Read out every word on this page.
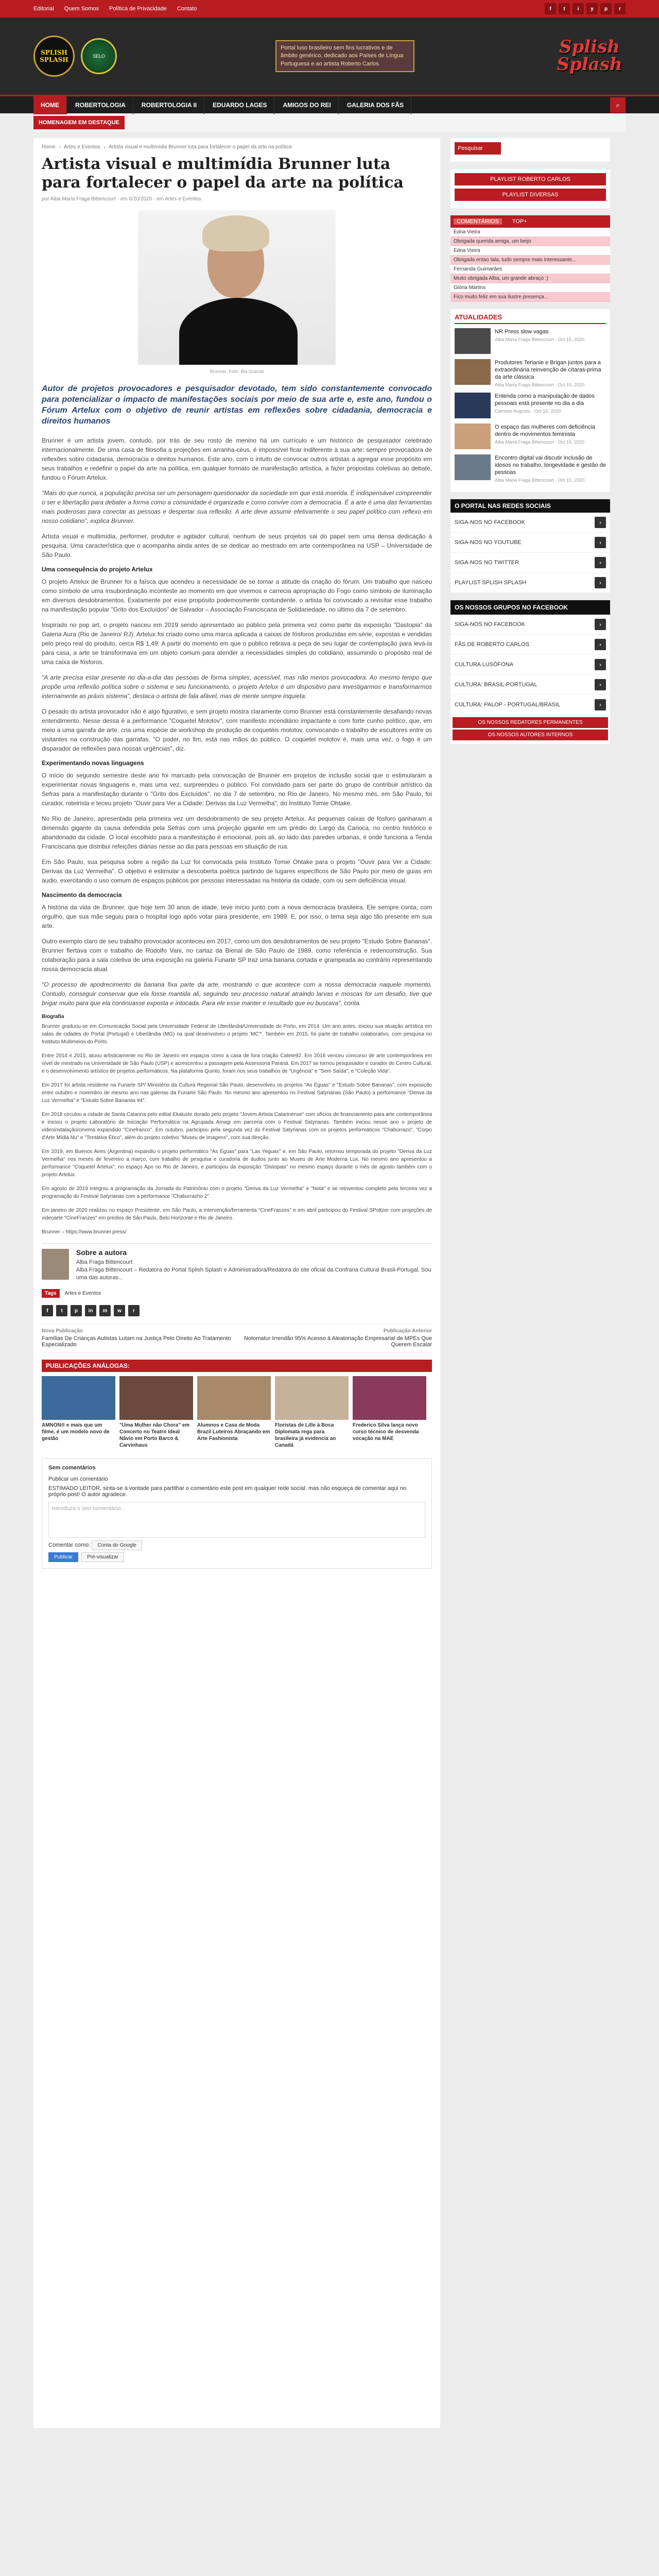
Editorial Quem Somos Política de Privacidade Contato	f	t	i	y	p	r
SPLISH SPLASH	SELO
Portal luso brasileiro sem fins lucrativos e de âmbito genérico, dedicado aos Países de Língua Portuguesa e ao artista Roberto Carlos
Splish
Splash
HOME	ROBERTOLOGIA	ROBERTOLOGIA II	EDUARDO LAGES	AMIGOS DO REI	GALERIA DOS FÃS	⌕
HOMENAGEM EM DESTAQUE
Home › Artes e Eventos › Artista visual e multimídia Brunner luta para fortalecer o papel da arte na política
Artista visual e multimídia Brunner luta para fortalecer o papel da arte na política
por Alba Maria Fraga Bittencourt · em 6/20/2020 · em Artes e Eventos
Brunner. Foto: Bia Gramal
Autor de projetos provocadores e pesquisador devotado, tem sido constantemente convocado para potencializar o impacto de manifestações sociais por meio de sua arte e, este ano, fundou o Fórum Artelux com o objetivo de reunir artistas em reflexões sobre cidadania, democracia e direitos humanos

Brunner é um artista jovem, contudo, por trás de seu rosto de menino há um currículo e um histórico de pesquisador celebrado internacionalmente. De uma casa de filosofia a projeções em arranha-céus, é impossível ficar indiferente à sua arte: sempre provocadora de reflexões sobre cidadania, democracia e direitos humanos. Este ano, com o intuito de convocar outros artistas a agregar esse propósito em seus trabalhos e redefinir o papel da arte na política, em qualquer formato de manifestação artística, a fazer propostas coletivas ao debate, fundou o Fórum Artelux.

"Mais do que nunca, a população precisa ser um personagem questionador da sociedade em que está inserida. É indispensável compreender o ser e libertação para debater a forma como a comunidade é organizada e como convive com a democracia. É a arte é uma das ferramentas mais poderosas para conectar as pessoas e despertar sua reflexão. A arte deve assumir efetivamente o seu papel político com reflexo em nosso cotidiano", explica Brunner.

Artista visual e multimídia, performer, produtor e agitador cultural, nenhum de seus projetos sai do papel sem uma densa dedicação à pesquisa. Uma característica que o acompanha ainda antes de se dedicar ao mestrado em arte contemporânea na USP – Universidade de São Paulo.

Uma consequência do projeto Artelux

O projeto Artelux de Brunner foi a faísca que acendeu a necessidade de se tomar a atitude da criação do fórum. Um trabalho que nasceu como símbolo de uma insubordinação inconteste ao momento em que vivemos e carrecia apropriação do Fogo como símbolo de iluminação em diversos desdobramentos. Exatamente por esse propósito podemosmente contundente, o artista foi convocado a revisitar esse trabalho na manifestação popular "Grito dos Excluídos" de Salvador – Associação Franciscana de Solidariedade, no último dia 7 de setembro.

Inspirado no pop art, o projeto nasceu em 2019 sendo apresentado ao público pela primeira vez como parte da exposição "Dastopia" da Galeria Aura (Rio de Janeiro/ RJ). Artelux foi criado como uma marca aplicada a caixas de fósforos produzidas em série, expostas e vendidas pelo preço real do produto, cerca R$ 1,49. A partir do momento em que o público retirava a peça de seu lugar de contemplação para levá-la para casa, a arte se transformava em um objeto comum para atender a necessidades simples do cotidiano, assumindo o propósito real de uma caixa de fósforos.

"A arte precisa estar presente no dia-a-dia das pessoas de forma simples, acessível, mas não menos provocadora. Ao mesmo tempo que propõe uma reflexão política sobre o sistema e seu funcionamento, o projeto Artelux é um dispositivo para investigarmos e transformarmos internamente as práxis sistema", destaca o artista de fala afável, mas de mente sempre inquieta.

O pesado do artista provocador não é algo figurativo, e sem projeto mostra claramente como Brunner está constantemente desafiando novas entendimento. Nesse dessa é a performance "Coquetel Molotov", com manifesto incendiário impactante e com forte cunho político, que, em meio a uma garrafa de arte, cria uma espécie de workshop de produção de coquetéis molotov, convocando o trabalho de escultores entre os visitantes na construção das garrafas. "O poder, no fim, está nas mãos do público. O coquetel molotov é, mais uma vez, o fogo é um disparador de reflexões para nossas urgências", diz.

Experimentando novas linguagens

O início do segundo semestre deste ano foi marcado pela convocação de Brunner em projetos de inclusão social que o estimularam a experimentar novas linguagens e, mais uma vez, surpreendeu o público. Foi convidado para ser parte do grupo de contribuir artístico da Sefras para a manifestação durante o "Grito dos Excluídos", no dia 7 de setembro, no Rio de Janeiro. No mesmo mês, em São Paulo, foi curador, roteirista e teceu projeto "Ouvir para Ver a Cidade: Derivas da Luz Vermelha", do Instituto Tomie Ohtake.

No Rio de Janeiro, apresentada pela primeira vez um desdobramento de seu projeto Artelux. As pequenas caixas de fósforo ganharam a dimensão gigante da causa defendida pela Sefras com uma projeção gigante em um prédio do Largo da Carioca, no centro histórico e abandonado da cidade. O local escolhido para a manifestação é emocional, pois ali, ao lado das paredes urbanas, é onde funciona a Tenda Franciscana que distribui refeições diárias nesse ao dia para pessoas em situação de rua.

Em São Paulo, sua pesquisa sobre a região da Luz foi convocada pela Instituto Tomie Ohtake para o projeto "Ouvir para Ver a Cidade: Derivas da Luz Vermelha". O objetivo é estimular a descoberta poética partindo de lugares específicos de São Paulo por meio de guias em áudio, exercitando o uso comum de espaços públicos por pessoas interessadas na história da cidade, com ou sem deficiência visual.

Nascimento da democracia

A história da vida de Brunner, que hoje tem 30 anos de idade, teve início junto com a nova democracia brasileira. Ele sempre conta, com orgulho, que sua mãe seguiu para o hospital logo após votar para presidente, em 1989. E, por isso, o tema seja algo tão presente em sua arte.

Outro exemplo claro de seu trabalho provocador aconteceu em 2017, como um dos desdobramentos de seu projeto "Estudo Sobre Bananas". Brunner flertava com o trabalho de Rodolfo Vani, no cartaz da Bienal de São Paulo de 1989, como referência e redenconstrução. Sua colaboração para a sala coletiva de uma exposição na galeria Funarte SP traz uma banana cortada e grampeada ao contrário representando nossa democracia atual.

"O processo de apodrecimento da banana fixa parte da arte, mostrando o que acontece com a nossa democracia naquele momento. Contudo, conseguir conservar que ela fosse mantida ali, seguindo seu processo natural atraindo larvas e moscas for um desafio, tive que brigar muito para que ela continuasse exposta e intocada. Para ele esse manter e resultado que eu buscava", conta.

Biografia

Brunner graduou-se em Comunicação Social pela Universidade Federal de Uberlândia/Universidade do Porto, em 2014. Um ano antes, iniciou sua atuação artística em salas de cidades do Portal (Portugal) e Uberlândia (MG) na qual desenvolveu o projeto 'MC'*. Também em 2015, foi parte de trabalho colaborativo, com pesquisa no Instituto Multimeios do Porto.

Entre 2014 e 2015, atuou artisticamente no Rio de Janeiro em espaços como a casa de fora criação Catete92. Em 2016 venceu concurso de arte contemporânea em nível de mestrado na Universidade de São Paulo (USP) e acrescentou a passagem pela Assessoria Paraná. Em 2017 se tornou pesquisador e curador do Centro Cultural, e o desenvolvimento artístico de projetos performáticos. Na plataforma Quinto, foram nos seus trabalhos de "Urgência" e "Sem Saída", e "Coleção Vida".

Em 2017 foi artista residente na Funarte SP/ Ministério da Cultura Regional São Paulo, desenvolveu os projetos "As Éguas" e "Estudo Sobre Bananas", com exposição entre outubro e novembro de mesmo ano nas galerias da Funarte São Paulo. No mesmo ano apresentou no Festival Satyrianas (São Paulo) a performance "Deriva da Luz Vermelha" e "Estudo Sobre Bananas #4".

Em 2018 circulou a cidade de Santa Catarina pelo edital Ekaluste dorado pelo projeto "Jovem Artista Catarinense" com ofícios de financiamento para arte contemporânea e iniciou o projeto Laboratório de Iniciação Performática na Agrupada Amagi em parceria com o Festival Satyrianas. Também iniciou nesse ano o projeto de videoinstalação/cinema expandido "Cinefranco". Em outubro, participou pela segunda vez do Festival Satyrianas com os projetos performáticos "Chaburrazo", "Corpo d'Arte Mídia Nu" e "Tentátiva Ético", além do projeto coletivo "Museu de Imagens", com sua direção.

Em 2019, em Buenos Aires (Argentina) expandiu o projeto performático "As Éguas" para "Las Yeguas" e, em São Paulo, retornou temporada do projeto "Deriva da Luz Vermelha" nos meses de fevereiro a março, com trabalho de pesquisa e curadoria de áudios junto ao Museu de Arte Moderna Lux. No mesmo ano apresentou a performance "Coquetel Artelux", no espaço Apo no Rio de Janeiro, e participou da exposição "Distopias" no mesmo espaço durante o mês de agosto também com o projeto Artelux.

Em agosto de 2019 integrou a programação da Jornada do Patrimônio com o projeto "Deriva da Luz Vermelha" e "Nota" e se reinventou completo pela terceira vez a programação do Festival Satyrianas com a performance "Chaburrazho 2".

Em janeiro de 2020 realizou no espaço Presidente, em São Paulo, a intervenção/ferramenta "CineFranzes" e em abril participou do Festival SPoltzer com projeções de videoarte "CineFranzes" em prédios de São Paulo, Belo Horizonte e Rio de Janeiro.

Brunner – https://www.brunner.press/

Sobre a autora
Alba Fraga Bittencourt
Alba Fraga Bittencourt – Redatora do Portal Splish Splash e Administradora/Redatora do site oficial da Confraria Cultural Brasil-Portugal. Sou uma das autoras...
Tags	Artes e Eventos
f	t	p	in	m	w	r
Nova Publicação
Famílias De Crianças Autistas Lutam na Justiça Pelo Direito Ao Tratamento Especializado
Publicação Anterior
Notomatur Irrendão 95% Acesso à Aleatoriação Empresarial de MPEs Que Querem Escalar
PUBLICAÇÕES ANÁLOGAS:
AMNON® e mais que um filme, é um modelo novo de gestão
"Uma Mulher não Chora" em Concerto no Teatro Ideal Nâvio em Porto Barco & Carvinhaus
Alumnos e Casa de Moda Brazil Luteiros Abraçando em Arte Fashionista
Floristas de Lille à Boca Diplomata rega para brasileira já evidencia ao Canadá
Frederico Silva lança novo curso técnico de desvenda vocação na MAE
Sem comentários
Publicar um comentário
ESTIMADO LEITOR, sinta-se à vontade para partilhar o comentário este post em qualquer rede social. mas não esqueça de comentar aqui no próprio post! O autor agradece.
Introduza o seu comentário...
Comentar como: Conta do Google
Publicar	Pré-visualizar
Pesquisar
PLAYLIST ROBERTO CARLOS
PLAYLIST DIVERSAS
COMENTÁRIOS	TOP+
Edna Vieira
Obrigada querida amiga, um beijo
Edna Vieira
Obrigada entao tala, tudo sempre mais interessante...
Fernanda Guimarães
Muito obrigada Alba, um grande abraço :)
Glória Martins
Fico muito feliz em sua ilustre presença...
ATUALIDADES
NR Press slow vagas
Alba Maria Fraga Bittencourt · Oct 15, 2020
Produtores Terianie e Brigan juntos para a extraordinária reinvenção de cítaras-prima da arte clássica
Alba Maria Fraga Bittencourt · Oct 15, 2020
Entenda como a manipulação de dados pessoais está presente no dia a dia
Carmelo Augusto · Oct 15, 2020
O espaço das mulheres com deficiência dentro de movimentos feminista
Alba Maria Fraga Bittencourt · Oct 15, 2020
Encontro digital vai discutir inclusão de idosos no trabalho, longevidade e gestão de pessoas
Alba Maria Fraga Bittencourt · Oct 15, 2020
O PORTAL NAS REDES SOCIAIS
SIGA-NOS NO FACEBOOK	›
SIGA-NOS NO YOUTUBE	›
SIGA-NOS NO TWITTER	›
PLAYLIST SPLISH SPLASH	›
OS NOSSOS GRUPOS NO FACEBOOK
SIGA-NOS NO FACEBOOK	›
FÃS DE ROBERTO CARLOS	›
CULTURA LUSÓFONA	›
CULTURA: BRASIL-PORTUGAL	›
CULTURA: PALOP - PORTUGAL/BRASIL	›
OS NOSSOS REDATORES PERMANENTES
OS NOSSOS AUTORES INTERNOS
